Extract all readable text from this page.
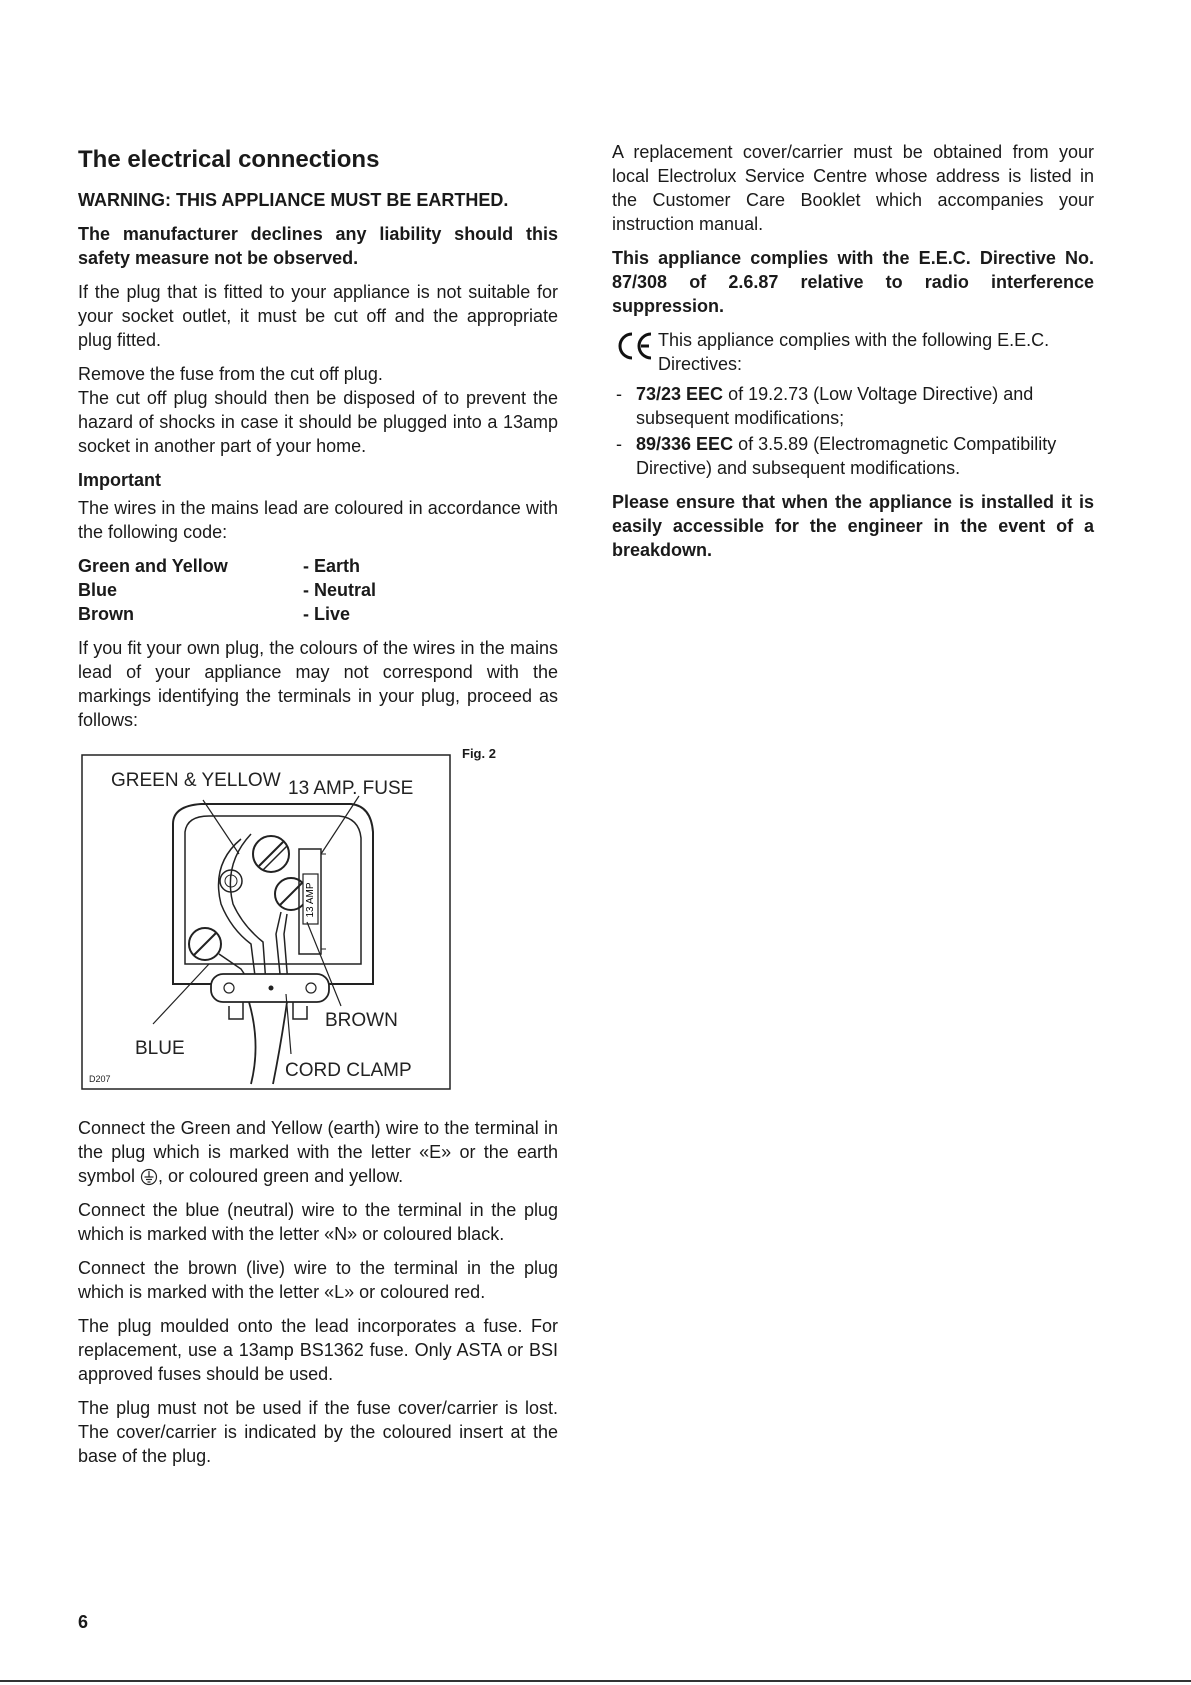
The electrical connections
WARNING: THIS APPLIANCE MUST BE EARTHED.

The manufacturer declines any liability should this safety measure not be observed.

If the plug that is fitted to your appliance is not suitable for your socket outlet, it must be cut off and the appropriate plug fitted.

Remove the fuse from the cut off plug.

The cut off plug should then be disposed of to prevent the hazard of shocks in case it should be plugged into a 13amp socket in another part of your home.

Important

The wires in the mains lead are coloured in accordance with the following code:

Green and Yellow	- Earth
Blue	- Neutral
Brown	- Live

If you fit your own plug, the colours of the wires in the mains lead of your appliance may not correspond with the markings identifying the terminals in your plug, proceed as follows:

Fig. 2
13 AMP
GREEN & YELLOW 13 AMP. FUSE
BROWN
BLUE
CORD CLAMP
D207

Connect the Green and Yellow (earth) wire to the terminal in the plug which is marked with the letter «E» or the earth symbol , or coloured green and yellow.

Connect the blue (neutral) wire to the terminal in the plug which is marked with the letter «N» or coloured black.

Connect the brown (live) wire to the terminal in the plug which is marked with the letter «L» or coloured red.

The plug moulded onto the lead incorporates a fuse. For replacement, use a 13amp BS1362 fuse. Only ASTA or BSI approved fuses should be used.

The plug must not be used if the fuse cover/carrier is lost. The cover/carrier is indicated by the coloured insert at the base of the plug.

A replacement cover/carrier must be obtained from your local Electrolux Service Centre whose address is listed in the Customer Care Booklet which accompanies your instruction manual.

This appliance complies with the E.E.C. Directive No. 87/308 of 2.6.87 relative to radio interference suppression.

This appliance complies with the following E.E.C. Directives:
- 73/23 EEC of 19.2.73 (Low Voltage Directive) and subsequent modifications;
- 89/336 EEC of 3.5.89 (Electromagnetic Compatibility Directive) and subsequent modifications.

Please ensure that when the appliance is installed it is easily accessible for the engineer in the event of a breakdown.

6
